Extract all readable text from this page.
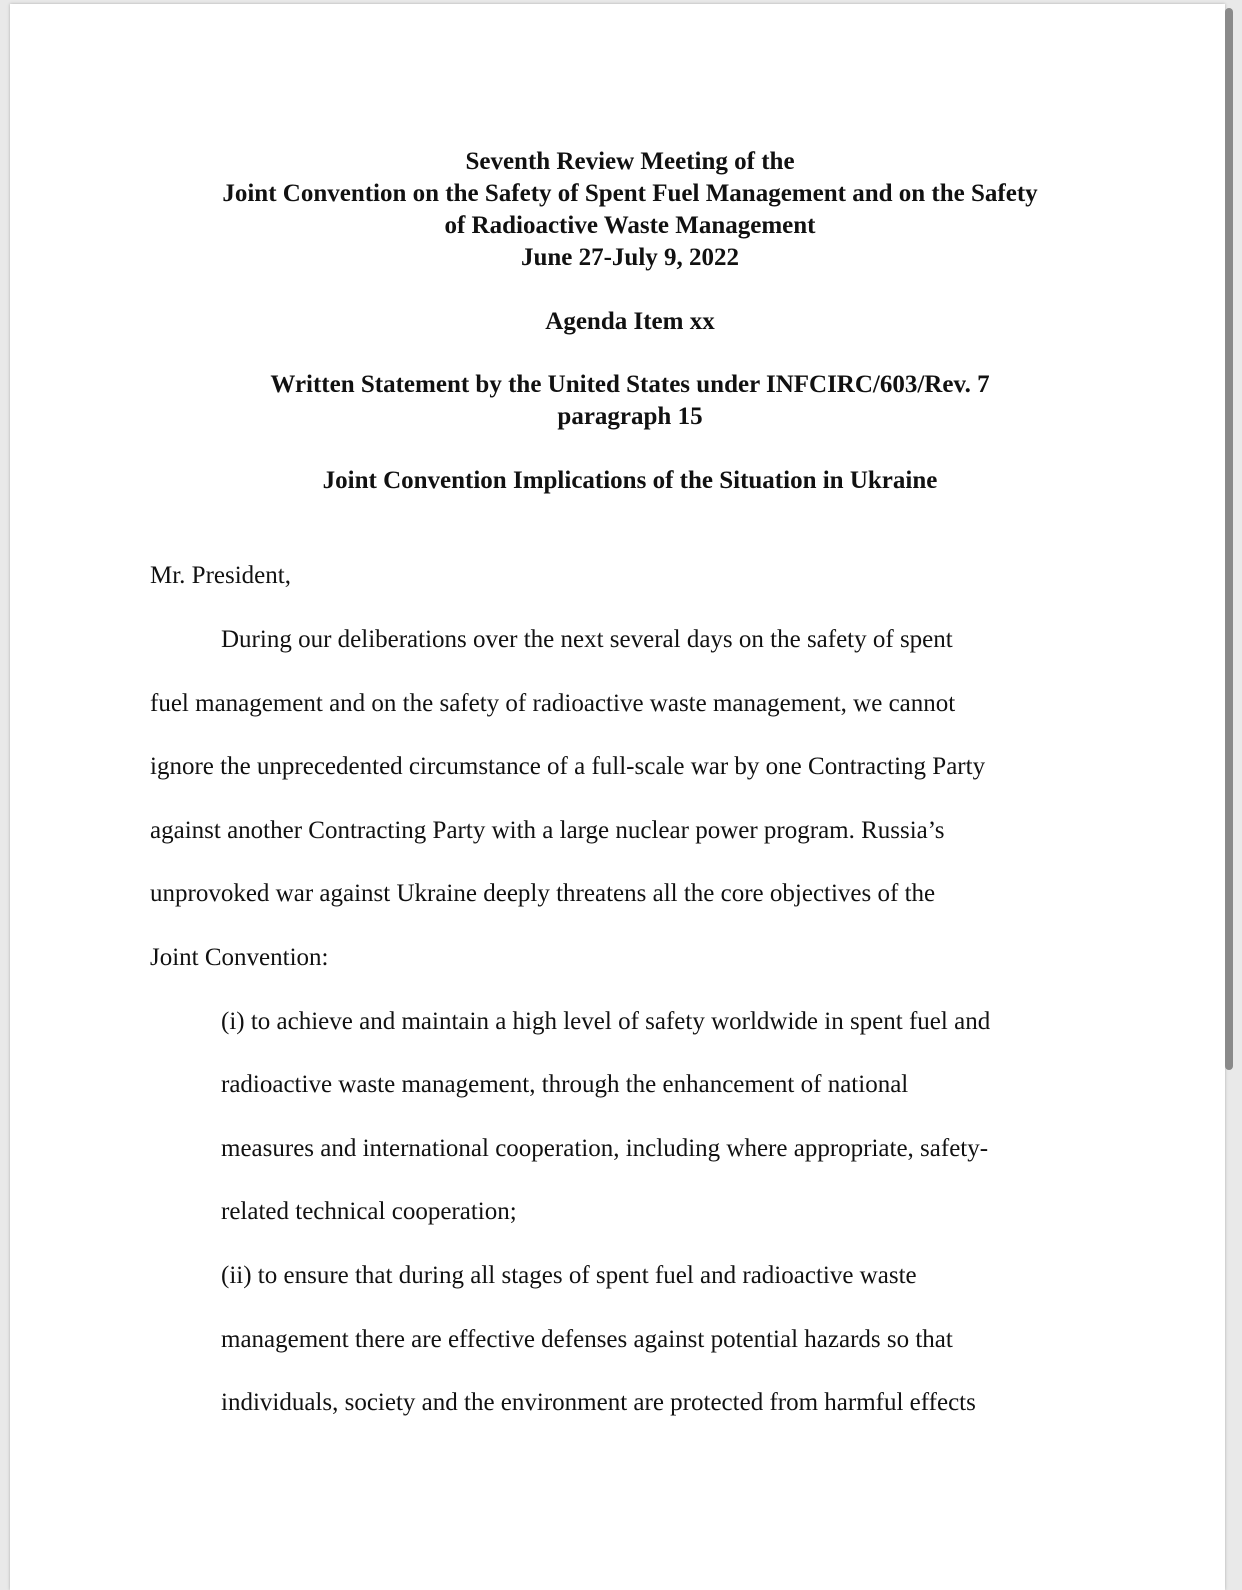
Seventh Review Meeting of the
Joint Convention on the Safety of Spent Fuel Management and on the Safety
of Radioactive Waste Management
June 27-July 9, 2022
Agenda Item xx
Written Statement by the United States under INFCIRC/603/Rev. 7
paragraph 15
Joint Convention Implications of the Situation in Ukraine
Mr. President,
During our deliberations over the next several days on the safety of spent
fuel management and on the safety of radioactive waste management, we cannot
ignore the unprecedented circumstance of a full-scale war by one Contracting Party
against another Contracting Party with a large nuclear power program. Russia’s
unprovoked war against Ukraine deeply threatens all the core objectives of the
Joint Convention:
(i) to achieve and maintain a high level of safety worldwide in spent fuel and
radioactive waste management, through the enhancement of national
measures and international cooperation, including where appropriate, safety-
related technical cooperation;
(ii) to ensure that during all stages of spent fuel and radioactive waste
management there are effective defenses against potential hazards so that
individuals, society and the environment are protected from harmful effects
